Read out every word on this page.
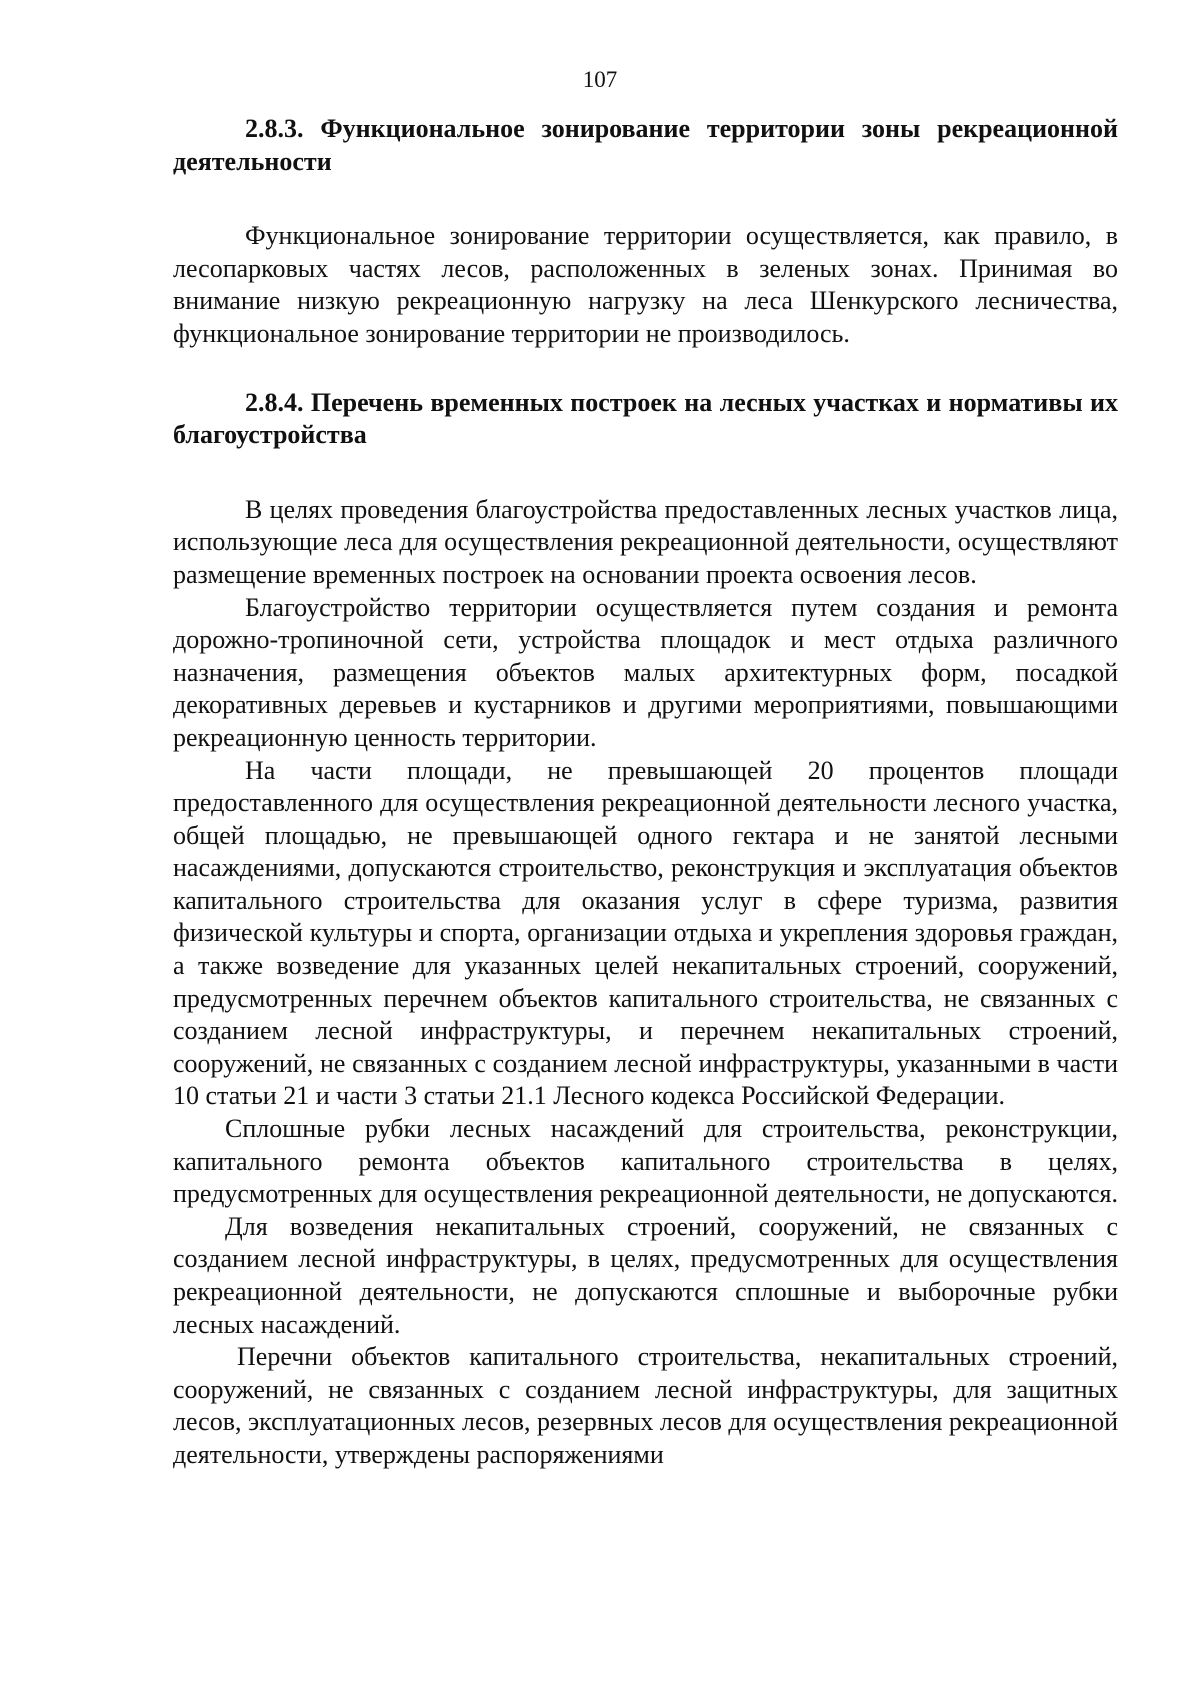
107

2.8.3. Функциональное зонирование территории зоны рекреационной деятельности

Функциональное зонирование территории осуществляется, как правило, в лесопарковых частях лесов, расположенных в зеленых зонах. Принимая во внимание низкую рекреационную нагрузку на леса Шенкурского лесничества, функциональное зонирование территории не производилось.

2.8.4. Перечень временных построек на лесных участках и нормативы их благоустройства

В целях проведения благоустройства предоставленных лесных участков лица, использующие леса для осуществления рекреационной деятельности, осуществляют размещение временных построек на основании проекта освоения лесов.

Благоустройство территории осуществляется путем создания и ремонта дорожно-тропиночной сети, устройства площадок и мест отдыха различного назначения, размещения объектов малых архитектурных форм, посадкой декоративных деревьев и кустарников и другими мероприятиями, повышающими рекреационную ценность территории.

На части площади, не превышающей 20 процентов площади предоставленного для осуществления рекреационной деятельности лесного участка, общей площадью, не превышающей одного гектара и не занятой лесными насаждениями, допускаются строительство, реконструкция и эксплуатация объектов капитального строительства для оказания услуг в сфере туризма, развития физической культуры и спорта, организации отдыха и укрепления здоровья граждан, а также возведение для указанных целей некапитальных строений, сооружений, предусмотренных перечнем объектов капитального строительства, не связанных с созданием лесной инфраструктуры, и перечнем некапитальных строений, сооружений, не связанных с созданием лесной инфраструктуры, указанными в части 10 статьи 21 и части 3 статьи 21.1 Лесного кодекса Российской Федерации.

Сплошные рубки лесных насаждений для строительства, реконструкции, капитального ремонта объектов капитального строительства в целях, предусмотренных для осуществления рекреационной деятельности, не допускаются.

Для возведения некапитальных строений, сооружений, не связанных с созданием лесной инфраструктуры, в целях, предусмотренных для осуществления рекреационной деятельности, не допускаются сплошные и выборочные рубки лесных насаждений.

Перечни объектов капитального строительства, некапитальных строений, сооружений, не связанных с созданием лесной инфраструктуры, для защитных лесов, эксплуатационных лесов, резервных лесов для осуществления рекреационной деятельности, утверждены распоряжениями
